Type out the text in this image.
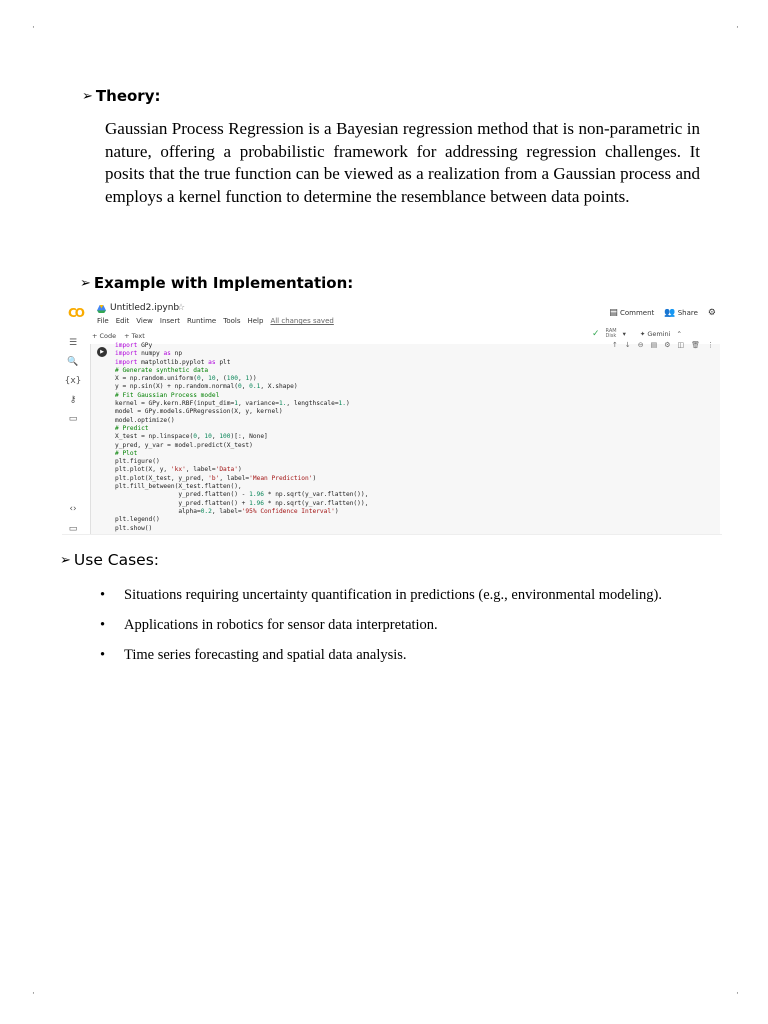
·	·
·	·
➢ Theory:

Gaussian Process Regression is a Bayesian regression method that is non-parametric in nature, offering a probabilistic framework for addressing regression challenges. It posits that the true function can be viewed as a realization from a Gaussian process and employs a kernel function to determine the resemblance between data points.

➢ Example with Implementation:
CO	Untitled2.ipynb
☆
File Edit View Insert Runtime Tools Help All changes saved
▤ Comment 👥 Share ⚙
+ Code + Text	✓ RAM
Disk ▾ ✦ Gemini ⌃
☰
🔍
{x}
⚷
▭
‹›
▭
↑ ↓ ⊖ ▤ ⚙ ◫ 🗑 ⋮
▶
import GPy
import numpy as np
import matplotlib.pyplot as plt
# Generate synthetic data
X = np.random.uniform(0, 10, (100, 1))
y = np.sin(X) + np.random.normal(0, 0.1, X.shape)
# Fit Gaussian Process model
kernel = GPy.kern.RBF(input_dim=1, variance=1., lengthscale=1.)
model = GPy.models.GPRegression(X, y, kernel)
model.optimize()
# Predict
X_test = np.linspace(0, 10, 100)[:, None]
y_pred, y_var = model.predict(X_test)
# Plot
plt.figure()
plt.plot(X, y, 'kx', label='Data')
plt.plot(X_test, y_pred, 'b', label='Mean Prediction')
plt.fill_between(X_test.flatten(),
y_pred.flatten() - 1.96 * np.sqrt(y_var.flatten()),
y_pred.flatten() + 1.96 * np.sqrt(y_var.flatten()),
alpha=0.2, label='95% Confidence Interval')
plt.legend()
plt.show()
➢ Use Cases:
•	Situations requiring uncertainty quantification in predictions (e.g., environmental modeling).
•	Applications in robotics for sensor data interpretation.
•	Time series forecasting and spatial data analysis.
